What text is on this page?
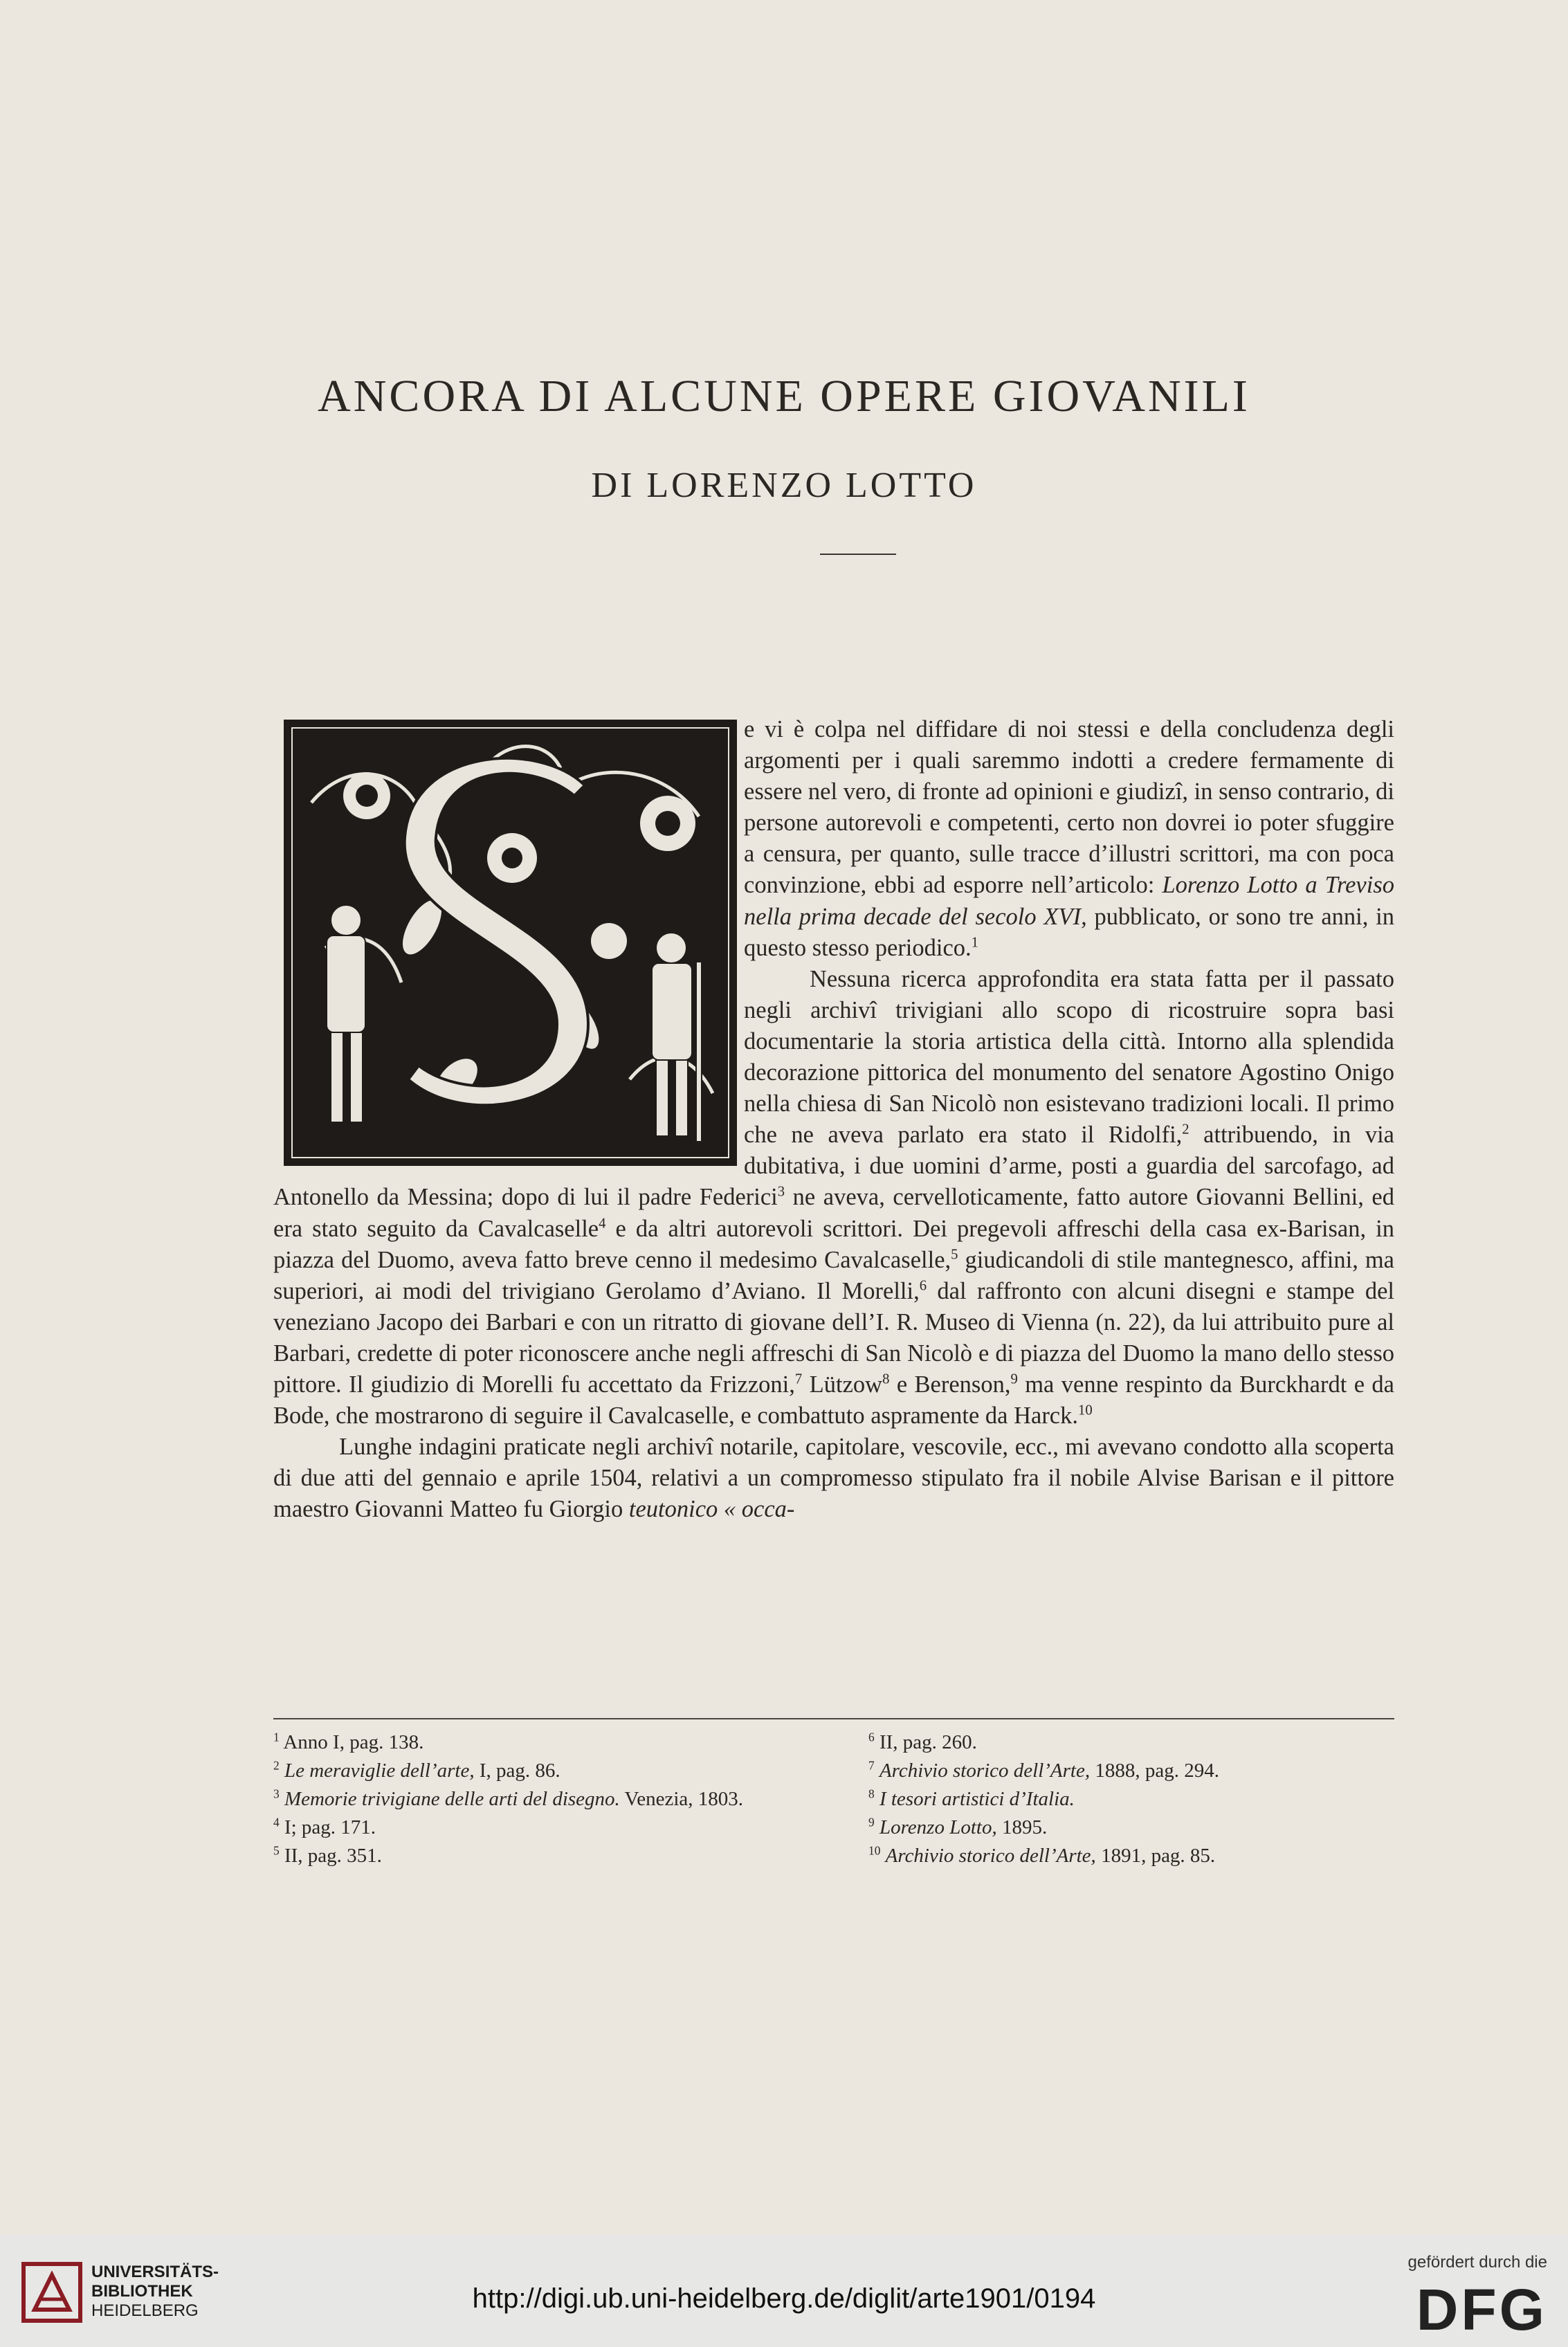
ANCORA DI ALCUNE OPERE GIOVANILI
DI LORENZO LOTTO

e vi è colpa nel diffidare di noi stessi e della concludenza degli argomenti per i quali saremmo indotti a credere fermamente di essere nel vero, di fronte ad opinioni e giudizî, in senso contrario, di persone autorevoli e competenti, certo non dovrei io poter sfuggire a censura, per quanto, sulle tracce d’illustri scrittori, ma con poca convinzione, ebbi ad esporre nell’articolo: Lorenzo Lotto a Treviso nella prima decade del secolo XVI, pubblicato, or sono tre anni, in questo stesso periodico.$^1$

Nessuna ricerca approfondita era stata fatta per il passato negli archivî trivigiani allo scopo di ricostruire sopra basi documentarie la storia artistica della città. Intorno alla splendida decorazione pittorica del monumento del senatore Agostino Onigo nella chiesa di San Nicolò non esistevano tradizioni locali. Il primo che ne aveva parlato era stato il Ridolfi,$^2$ attribuendo, in via dubitativa, i due uomini d’arme, posti a guardia del sarcofago, ad Antonello da Messina; dopo di lui il padre Federici$^3$ ne aveva, cervelloticamente, fatto autore Giovanni Bellini, ed era stato seguito da Cavalcaselle$^4$ e da altri autorevoli scrittori. Dei pregevoli affreschi della casa ex-Barisan, in piazza del Duomo, aveva fatto breve cenno il medesimo Cavalcaselle,$^5$ giudicandoli di stile mantegnesco, affini, ma superiori, ai modi del trivigiano Gerolamo d’Aviano. Il Morelli,$^6$ dal raffronto con alcuni disegni e stampe del veneziano Jacopo dei Barbari e con un ritratto di giovane dell’I. R. Museo di Vienna (n. 22), da lui attribuito pure al Barbari, credette di poter riconoscere anche negli affreschi di San Nicolò e di piazza del Duomo la mano dello stesso pittore. Il giudizio di Morelli fu accettato da Frizzoni,$^7$ Lützow$^8$ e Berenson,$^9$ ma venne respinto da Burckhardt e da Bode, che mostrarono di seguire il Cavalcaselle, e combattuto aspramente da Harck.$^{10}$

Lunghe indagini praticate negli archivî notarile, capitolare, vescovile, ecc., mi avevano condotto alla scoperta di due atti del gennaio e aprile 1504, relativi a un compromesso stipulato fra il nobile Alvise Barisan e il pittore maestro Giovanni Matteo fu Giorgio teutonico « occa-

$^1$ Anno I, pag. 138.
$^2$ Le meraviglie dell’arte, I, pag. 86.
$^3$ Memorie trivigiane delle arti del disegno. Venezia, 1803.
$^4$ I; pag. 171.
$^5$ II, pag. 351.
$^6$ II, pag. 260.
$^7$ Archivio storico dell’Arte, 1888, pag. 294.
$^8$ I tesori artistici d’Italia.
$^9$ Lorenzo Lotto, 1895.
$^{10}$ Archivio storico dell’Arte, 1891, pag. 85.
UNIVERSITÄTS-
BIBLIOTHEK
HEIDELBERG	http://digi.ub.uni-heidelberg.de/diglit/arte1901/0194
gefördert durch die
DFG
